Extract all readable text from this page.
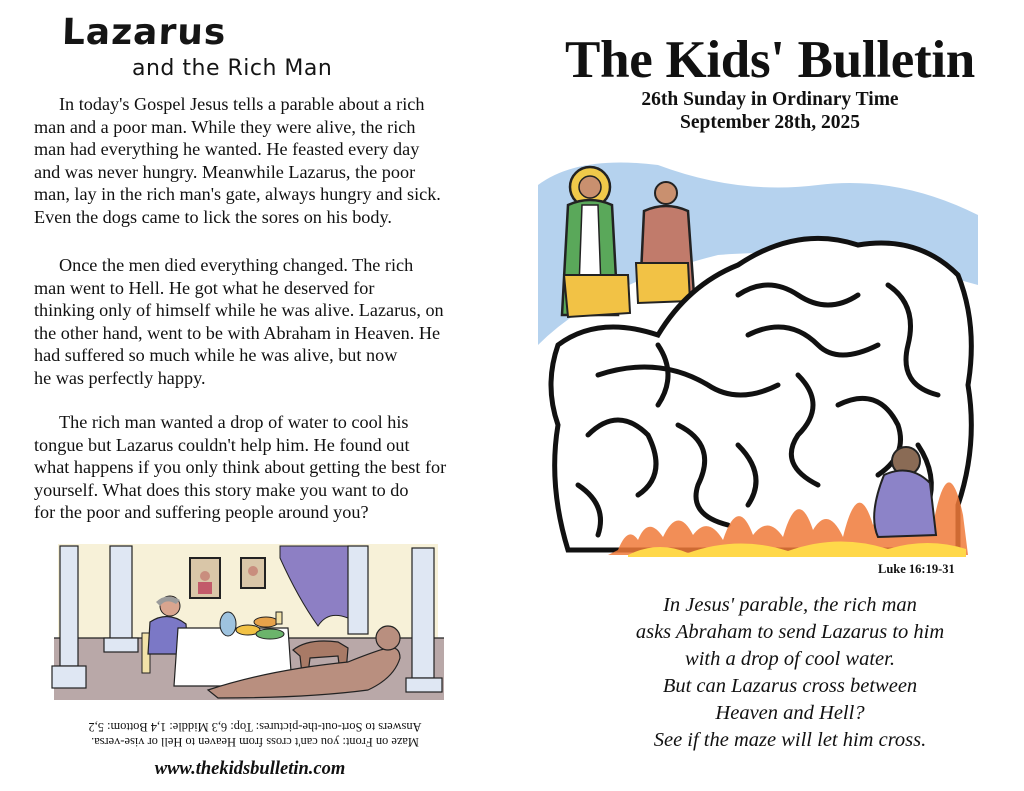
Lazarus
and the Rich Man
In today's Gospel Jesus tells a parable about a rich
man and a poor man. While they were alive, the rich
man had everything he wanted. He feasted every day
and was never hungry. Meanwhile Lazarus, the poor
man, lay in the rich man's gate, always hungry and sick.
Even the dogs came to lick the sores on his body.
Once the men died everything changed. The rich
man went to Hell. He got what he deserved for
thinking only of himself while he was alive. Lazarus, on
the other hand, went to be with Abraham in Heaven. He
had suffered so much while he was alive, but now
he was perfectly happy.
The rich man wanted a drop of water to cool his
tongue but Lazarus couldn't help him. He found out
what happens if you only think about getting the best for
yourself. What does this story make you want to do
for the poor and suffering people around you?
Maze on Front: you can't cross from Heaven to Hell or vise-versa.
Answers to Sort-out-the-pictures: Top: 6,3 Middle: 1,4 Bottom: 5,2
www.thekidsbulletin.com
The Kids' Bulletin
26th Sunday in Ordinary Time
September 28th, 2025
Luke 16:19-31
In Jesus' parable, the rich man
asks Abraham to send Lazarus to him
with a drop of cool water.
But can Lazarus cross between
Heaven and Hell?
See if the maze will let him cross.
